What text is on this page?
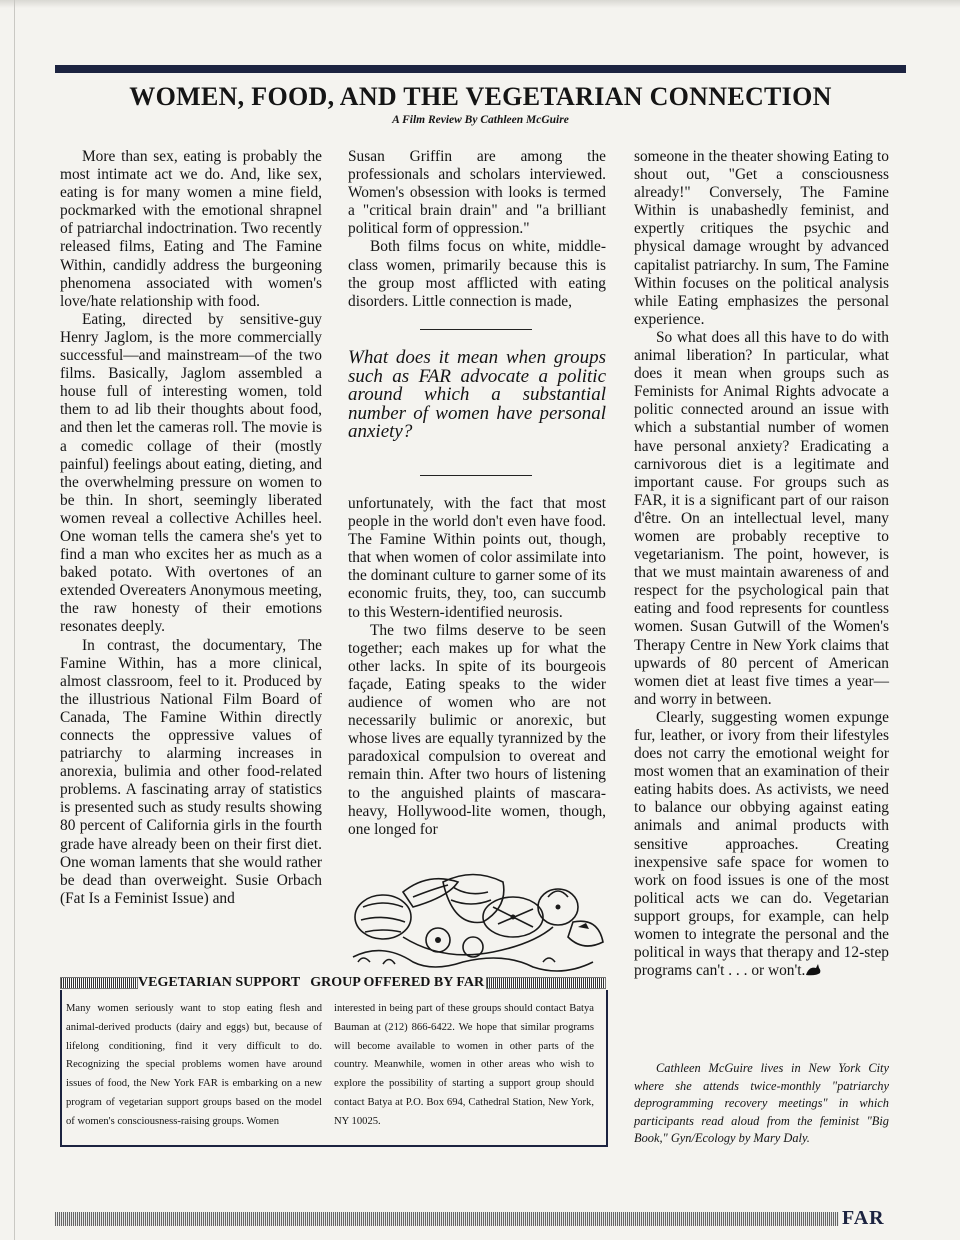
WOMEN, FOOD, AND THE VEGETARIAN CONNECTION
A Film Review By Cathleen McGuire

More than sex, eating is probably the most intimate act we do. And, like sex, eating is for many women a mine field, pockmarked with the emotional shrapnel of patriarchal indoctrination. Two recently released films, Eating and The Famine Within, candidly address the burgeoning phenomena associated with women's love/hate relationship with food.

Eating, directed by sensitive-guy Henry Jaglom, is the more commercially successful—and mainstream—of the two films. Basically, Jaglom assembled a house full of interesting women, told them to ad lib their thoughts about food, and then let the cameras roll. The movie is a comedic collage of their (mostly painful) feelings about eating, dieting, and the overwhelming pressure on women to be thin. In short, seemingly liberated women reveal a collective Achilles heel. One woman tells the camera she's yet to find a man who excites her as much as a baked potato. With overtones of an extended Overeaters Anonymous meeting, the raw honesty of their emotions resonates deeply.

In contrast, the documentary, The Famine Within, has a more clinical, almost classroom, feel to it. Produced by the illustrious National Film Board of Canada, The Famine Within directly connects the oppressive values of patriarchy to alarming increases in anorexia, bulimia and other food-related problems. A fascinating array of statistics is presented such as study results showing 80 percent of California girls in the fourth grade have already been on their first diet. One woman laments that she would rather be dead than overweight. Susie Orbach (Fat Is a Feminist Issue) and

Susan Griffin are among the professionals and scholars interviewed. Women's obsession with looks is termed a "critical brain drain" and "a brilliant political form of oppression."

Both films focus on white, middle-class women, primarily because this is the group most afflicted with eating disorders. Little connection is made,

What does it mean when groups such as FAR advocate a politic around which a substantial number of women have personal anxiety?

unfortunately, with the fact that most people in the world don't even have food. The Famine Within points out, though, that when women of color assimilate into the dominant culture to garner some of its economic fruits, they, too, can succumb to this Western-identified neurosis.

The two films deserve to be seen together; each makes up for what the other lacks. In spite of its bourgeois façade, Eating speaks to the wider audience of women who are not necessarily bulimic or anorexic, but whose lives are equally tyrannized by the paradoxical compulsion to overeat and remain thin. After two hours of listening to the anguished plaints of mascara-heavy, Hollywood-lite women, though, one longed for

someone in the theater showing Eating to shout out, "Get a consciousness already!" Conversely, The Famine Within is unabashedly feminist, and expertly critiques the psychic and physical damage wrought by advanced capitalist patriarchy. In sum, The Famine Within focuses on the political analysis while Eating emphasizes the personal experience.

So what does all this have to do with animal liberation? In particular, what does it mean when groups such as Feminists for Animal Rights advocate a politic connected around an issue with which a substantial number of women have personal anxiety? Eradicating a carnivorous diet is a legitimate and important cause. For groups such as FAR, it is a significant part of our raison d'être. On an intellectual level, many women are probably receptive to vegetarianism. The point, however, is that we must maintain awareness of and respect for the psychological pain that eating and food represents for countless women. Susan Gutwill of the Women's Therapy Centre in New York claims that upwards of 80 percent of American women diet at least five times a year—and worry in between.

Clearly, suggesting women expunge fur, leather, or ivory from their lifestyles does not carry the emotional weight for most women that an examination of their eating habits does. As activists, we need to balance our obbying against eating animals and animal products with sensitive approaches. Creating inexpensive safe space for women to work on food issues is one of the most political acts we can do. Vegetarian support groups, for example, can help women to integrate the personal and the political in ways that therapy and 12-step programs can't . . . or won't.

Cathleen McGuire lives in New York City where she attends twice-monthly "patriarchy deprogramming recovery meetings" in which participants read aloud from the feminist "Big Book," Gyn/Ecology by Mary Daly.

VEGETARIAN SUPPORT GROUP OFFERED BY FAR
Many women seriously want to stop eating flesh and animal-derived products (dairy and eggs) but, because of lifelong conditioning, find it very difficult to do. Recognizing the special problems women have around issues of food, the New York FAR is embarking on a new program of vegetarian support groups based on the model of women's consciousness-raising groups. Women
interested in being part of these groups should contact Batya Bauman at (212) 866-6422. We hope that similar programs will become available to women in other parts of the country. Meanwhile, women in other areas who wish to explore the possibility of starting a support group should contact Batya at P.O. Box 694, Cathedral Station, New York, NY 10025.
FAR
